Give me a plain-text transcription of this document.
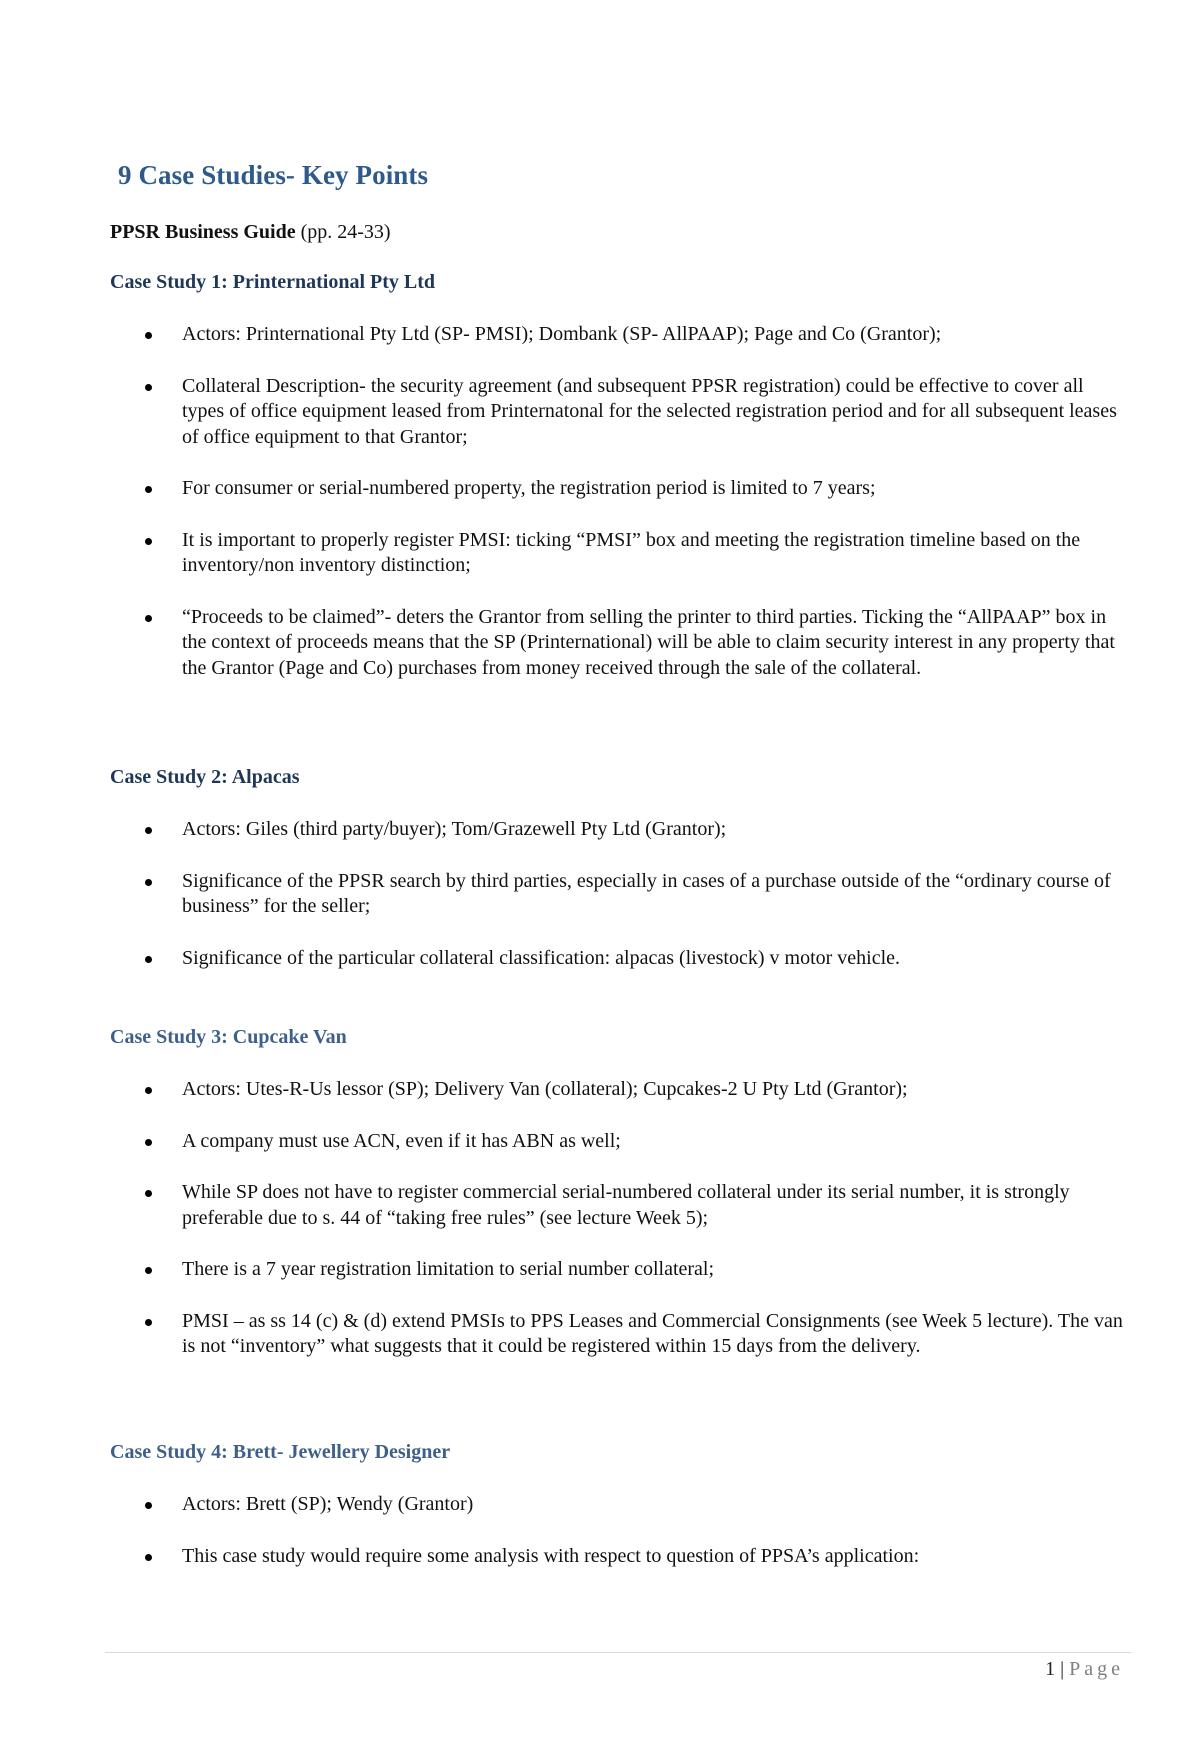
9 Case Studies- Key Points

PPSR Business Guide (pp. 24-33)

Case Study 1: Printernational Pty Ltd
Actors: Printernational Pty Ltd (SP- PMSI); Dombank (SP- AllPAAP); Page and Co (Grantor);
Collateral Description- the security agreement (and subsequent PPSR registration) could be effective to cover all types of office equipment leased from Printernatonal for the selected registration period and for all subsequent leases of office equipment to that Grantor;
For consumer or serial-numbered property, the registration period is limited to 7 years;
It is important to properly register PMSI: ticking “PMSI” box and meeting the registration timeline based on the inventory/non inventory distinction;
“Proceeds to be claimed”- deters the Grantor from selling the printer to third parties. Ticking the “AllPAAP” box in the context of proceeds means that the SP (Printernational) will be able to claim security interest in any property that the Grantor (Page and Co) purchases from money received through the sale of the collateral.
Case Study 2: Alpacas
Actors: Giles (third party/buyer); Tom/Grazewell Pty Ltd (Grantor);
Significance of the PPSR search by third parties, especially in cases of a purchase outside of the “ordinary course of business” for the seller;
Significance of the particular collateral classification: alpacas (livestock) v motor vehicle.
Case Study 3: Cupcake Van
Actors: Utes-R-Us lessor (SP); Delivery Van (collateral); Cupcakes-2 U Pty Ltd (Grantor);
A company must use ACN, even if it has ABN as well;
While SP does not have to register commercial serial-numbered collateral under its serial number, it is strongly preferable due to s. 44 of “taking free rules” (see lecture Week 5);
There is a 7 year registration limitation to serial number collateral;
PMSI – as ss 14 (c) & (d) extend PMSIs to PPS Leases and Commercial Consignments (see Week 5 lecture). The van is not “inventory” what suggests that it could be registered within 15 days from the delivery.
Case Study 4: Brett- Jewellery Designer
Actors: Brett (SP); Wendy (Grantor)
This case study would require some analysis with respect to question of PPSA’s application:
1 | Page
